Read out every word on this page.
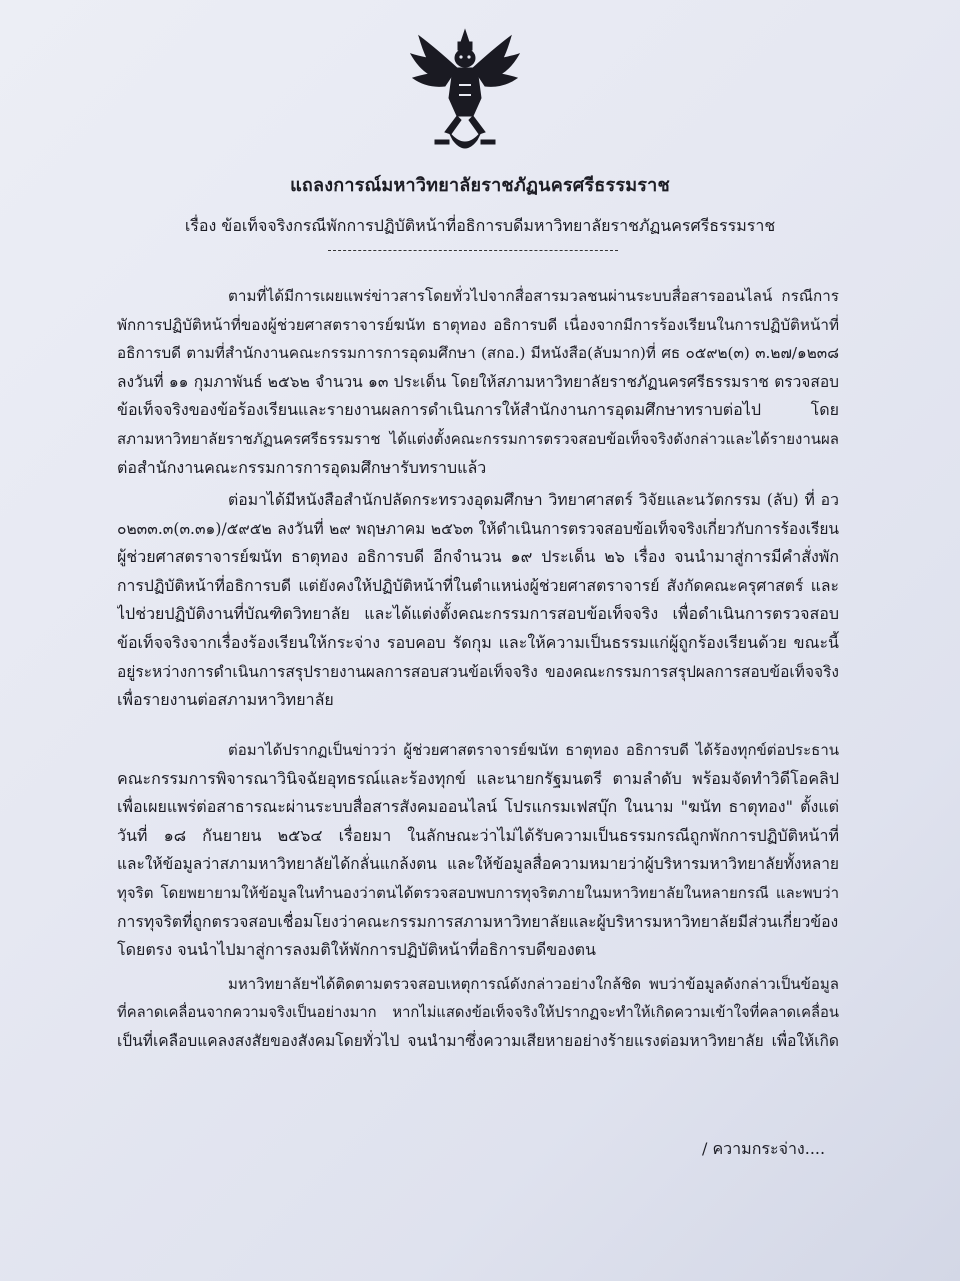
แถลงการณ์มหาวิทยาลัยราชภัฏนครศรีธรรมราช
เรื่อง ข้อเท็จจริงกรณีพักการปฏิบัติหน้าที่อธิการบดีมหาวิทยาลัยราชภัฏนครศรีธรรมราช
ตามที่ได้มีการเผยแพร่ข่าวสารโดยทั่วไปจากสื่อสารมวลชนผ่านระบบสื่อสารออนไลน์ กรณีการ
พักการปฏิบัติหน้าที่ของผู้ช่วยศาสตราจารย์ฆนัท ธาตุทอง อธิการบดี เนื่องจากมีการร้องเรียนในการปฏิบัติหน้าที่
อธิการบดี ตามที่สำนักงานคณะกรรมการการอุดมศึกษา (สกอ.) มีหนังสือ(ลับมาก)ที่ ศธ ๐๕๙๒(๓) ๓.๒๗/๑๒๓๘
ลงวันที่ ๑๑ กุมภาพันธ์ ๒๕๖๒ จำนวน ๑๓ ประเด็น โดยให้สภามหาวิทยาลัยราชภัฏนครศรีธรรมราช ตรวจสอบ
ข้อเท็จจริงของข้อร้องเรียนและรายงานผลการดำเนินการให้สำนักงานการอุดมศึกษาทราบต่อไป โดย
สภามหาวิทยาลัยราชภัฏนครศรีธรรมราช ได้แต่งตั้งคณะกรรมการตรวจสอบข้อเท็จจริงดังกล่าวและได้รายงานผล
ต่อสำนักงานคณะกรรมการการอุดมศึกษารับทราบแล้ว
ต่อมาได้มีหนังสือสำนักปลัดกระทรวงอุดมศึกษา วิทยาศาสตร์ วิจัยและนวัตกรรม (ลับ) ที่ อว
๐๒๓๓.๓(๓.๓๑)/๕๙๕๒ ลงวันที่ ๒๙ พฤษภาคม ๒๕๖๓ ให้ดำเนินการตรวจสอบข้อเท็จจริงเกี่ยวกับการร้องเรียน
ผู้ช่วยศาสตราจารย์ฆนัท ธาตุทอง อธิการบดี อีกจำนวน ๑๙ ประเด็น ๒๖ เรื่อง จนนำมาสู่การมีคำสั่งพัก
การปฏิบัติหน้าที่อธิการบดี แต่ยังคงให้ปฏิบัติหน้าที่ในตำแหน่งผู้ช่วยศาสตราจารย์ สังกัดคณะครุศาสตร์ และ
ไปช่วยปฏิบัติงานที่บัณฑิตวิทยาลัย และได้แต่งตั้งคณะกรรมการสอบข้อเท็จจริง เพื่อดำเนินการตรวจสอบ
ข้อเท็จจริงจากเรื่องร้องเรียนให้กระจ่าง รอบคอบ รัดกุม และให้ความเป็นธรรมแก่ผู้ถูกร้องเรียนด้วย ขณะนี้
อยู่ระหว่างการดำเนินการสรุปรายงานผลการสอบสวนข้อเท็จจริง ของคณะกรรมการสรุปผลการสอบข้อเท็จจริง
เพื่อรายงานต่อสภามหาวิทยาลัย
ต่อมาได้ปรากฏเป็นข่าวว่า ผู้ช่วยศาสตราจารย์ฆนัท ธาตุทอง อธิการบดี ได้ร้องทุกข์ต่อประธาน
คณะกรรมการพิจารณาวินิจฉัยอุทธรณ์และร้องทุกข์ และนายกรัฐมนตรี ตามลำดับ พร้อมจัดทำวิดีโอคลิป
เพื่อเผยแพร่ต่อสาธารณะผ่านระบบสื่อสารสังคมออนไลน์ โปรแกรมเฟสบุ๊ก ในนาม "ฆนัท ธาตุทอง" ตั้งแต่
วันที่ ๑๘ กันยายน ๒๕๖๔ เรื่อยมา ในลักษณะว่าไม่ได้รับความเป็นธรรมกรณีถูกพักการปฏิบัติหน้าที่
และให้ข้อมูลว่าสภามหาวิทยาลัยได้กลั่นแกล้งตน และให้ข้อมูลสื่อความหมายว่าผู้บริหารมหาวิทยาลัยทั้งหลาย
ทุจริต โดยพยายามให้ข้อมูลในทำนองว่าตนได้ตรวจสอบพบการทุจริตภายในมหาวิทยาลัยในหลายกรณี และพบว่า
การทุจริตที่ถูกตรวจสอบเชื่อมโยงว่าคณะกรรมการสภามหาวิทยาลัยและผู้บริหารมหาวิทยาลัยมีส่วนเกี่ยวข้อง
โดยตรง จนนำไปมาสู่การลงมติให้พักการปฏิบัติหน้าที่อธิการบดีของตน
มหาวิทยาลัยฯได้ติดตามตรวจสอบเหตุการณ์ดังกล่าวอย่างใกล้ชิด พบว่าข้อมูลดังกล่าวเป็นข้อมูล
ที่คลาดเคลื่อนจากความจริงเป็นอย่างมาก หากไม่แสดงข้อเท็จจริงให้ปรากฏจะทำให้เกิดความเข้าใจที่คลาดเคลื่อน
เป็นที่เคลือบแคลงสงสัยของสังคมโดยทั่วไป จนนำมาซึ่งความเสียหายอย่างร้ายแรงต่อมหาวิทยาลัย เพื่อให้เกิด
/ ความกระจ่าง....
